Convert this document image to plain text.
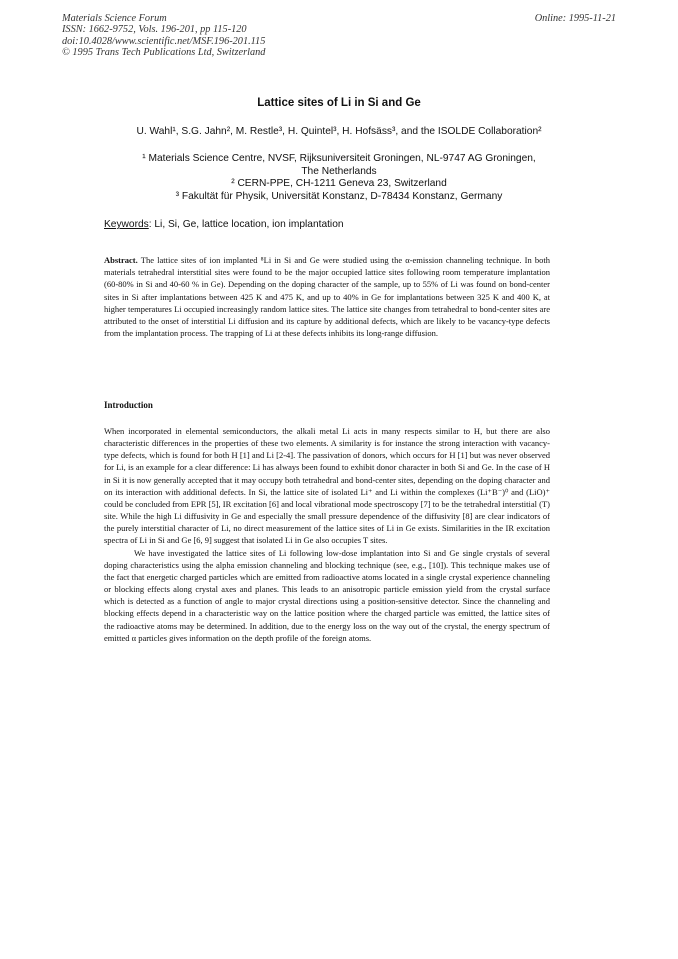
Materials Science Forum
ISSN: 1662-9752, Vols. 196-201, pp 115-120
doi:10.4028/www.scientific.net/MSF.196-201.115
© 1995 Trans Tech Publications Ltd, Switzerland
Online: 1995-11-21
Lattice sites of Li in Si and Ge
U. Wahl¹, S.G. Jahn², M. Restle³, H. Quintel³, H. Hofsäss³, and the ISOLDE Collaboration²
¹ Materials Science Centre, NVSF, Rijksuniversiteit Groningen, NL-9747 AG Groningen,
The Netherlands
² CERN-PPE, CH-1211 Geneva 23, Switzerland
³ Fakultät für Physik, Universität Konstanz, D-78434 Konstanz, Germany
Keywords: Li, Si, Ge, lattice location, ion implantation
Abstract. The lattice sites of ion implanted ⁸Li in Si and Ge were studied using the α-emission channeling technique. In both materials tetrahedral interstitial sites were found to be the major occupied lattice sites following room temperature implantation (60-80% in Si and 40-60 % in Ge). Depending on the doping character of the sample, up to 55% of Li was found on bond-center sites in Si after implantations between 425 K and 475 K, and up to 40% in Ge for implantations between 325 K and 400 K, at higher temperatures Li occupied increasingly random lattice sites. The lattice site changes from tetrahedral to bond-center sites are attributed to the onset of interstitial Li diffusion and its capture by additional defects, which are likely to be vacancy-type defects from the implantation process. The trapping of Li at these defects inhibits its long-range diffusion.
Introduction

When incorporated in elemental semiconductors, the alkali metal Li acts in many respects similar to H, but there are also characteristic differences in the properties of these two elements. A similarity is for instance the strong interaction with vacancy-type defects, which is found for both H [1] and Li [2-4]. The passivation of donors, which occurs for H [1] but was never observed for Li, is an example for a clear difference: Li has always been found to exhibit donor character in both Si and Ge. In the case of H in Si it is now generally accepted that it may occupy both tetrahedral and bond-center sites, depending on the doping character and on its interaction with additional defects. In Si, the lattice site of isolated Li⁺ and Li within the complexes (Li⁺B⁻)⁰ and (LiO)⁺ could be concluded from EPR [5], IR excitation [6] and local vibrational mode spectroscopy [7] to be the tetrahedral interstitial (T) site. While the high Li diffusivity in Ge and especially the small pressure dependence of the diffusivity [8] are clear indicators of the purely interstitial character of Li, no direct measurement of the lattice sites of Li in Ge exists. Similarities in the IR excitation spectra of Li in Si and Ge [6, 9] suggest that isolated Li in Ge also occupies T sites.

We have investigated the lattice sites of Li following low-dose implantation into Si and Ge single crystals of several doping characteristics using the alpha emission channeling and blocking technique (see, e.g., [10]). This technique makes use of the fact that energetic charged particles which are emitted from radioactive atoms located in a single crystal experience channeling or blocking effects along crystal axes and planes. This leads to an anisotropic particle emission yield from the crystal surface which is detected as a function of angle to major crystal directions using a position-sensitive detector. Since the channeling and blocking effects depend in a characteristic way on the lattice position where the charged particle was emitted, the lattice sites of the radioactive atoms may be determined. In addition, due to the energy loss on the way out of the crystal, the energy spectrum of emitted α particles gives information on the depth profile of the foreign atoms.
